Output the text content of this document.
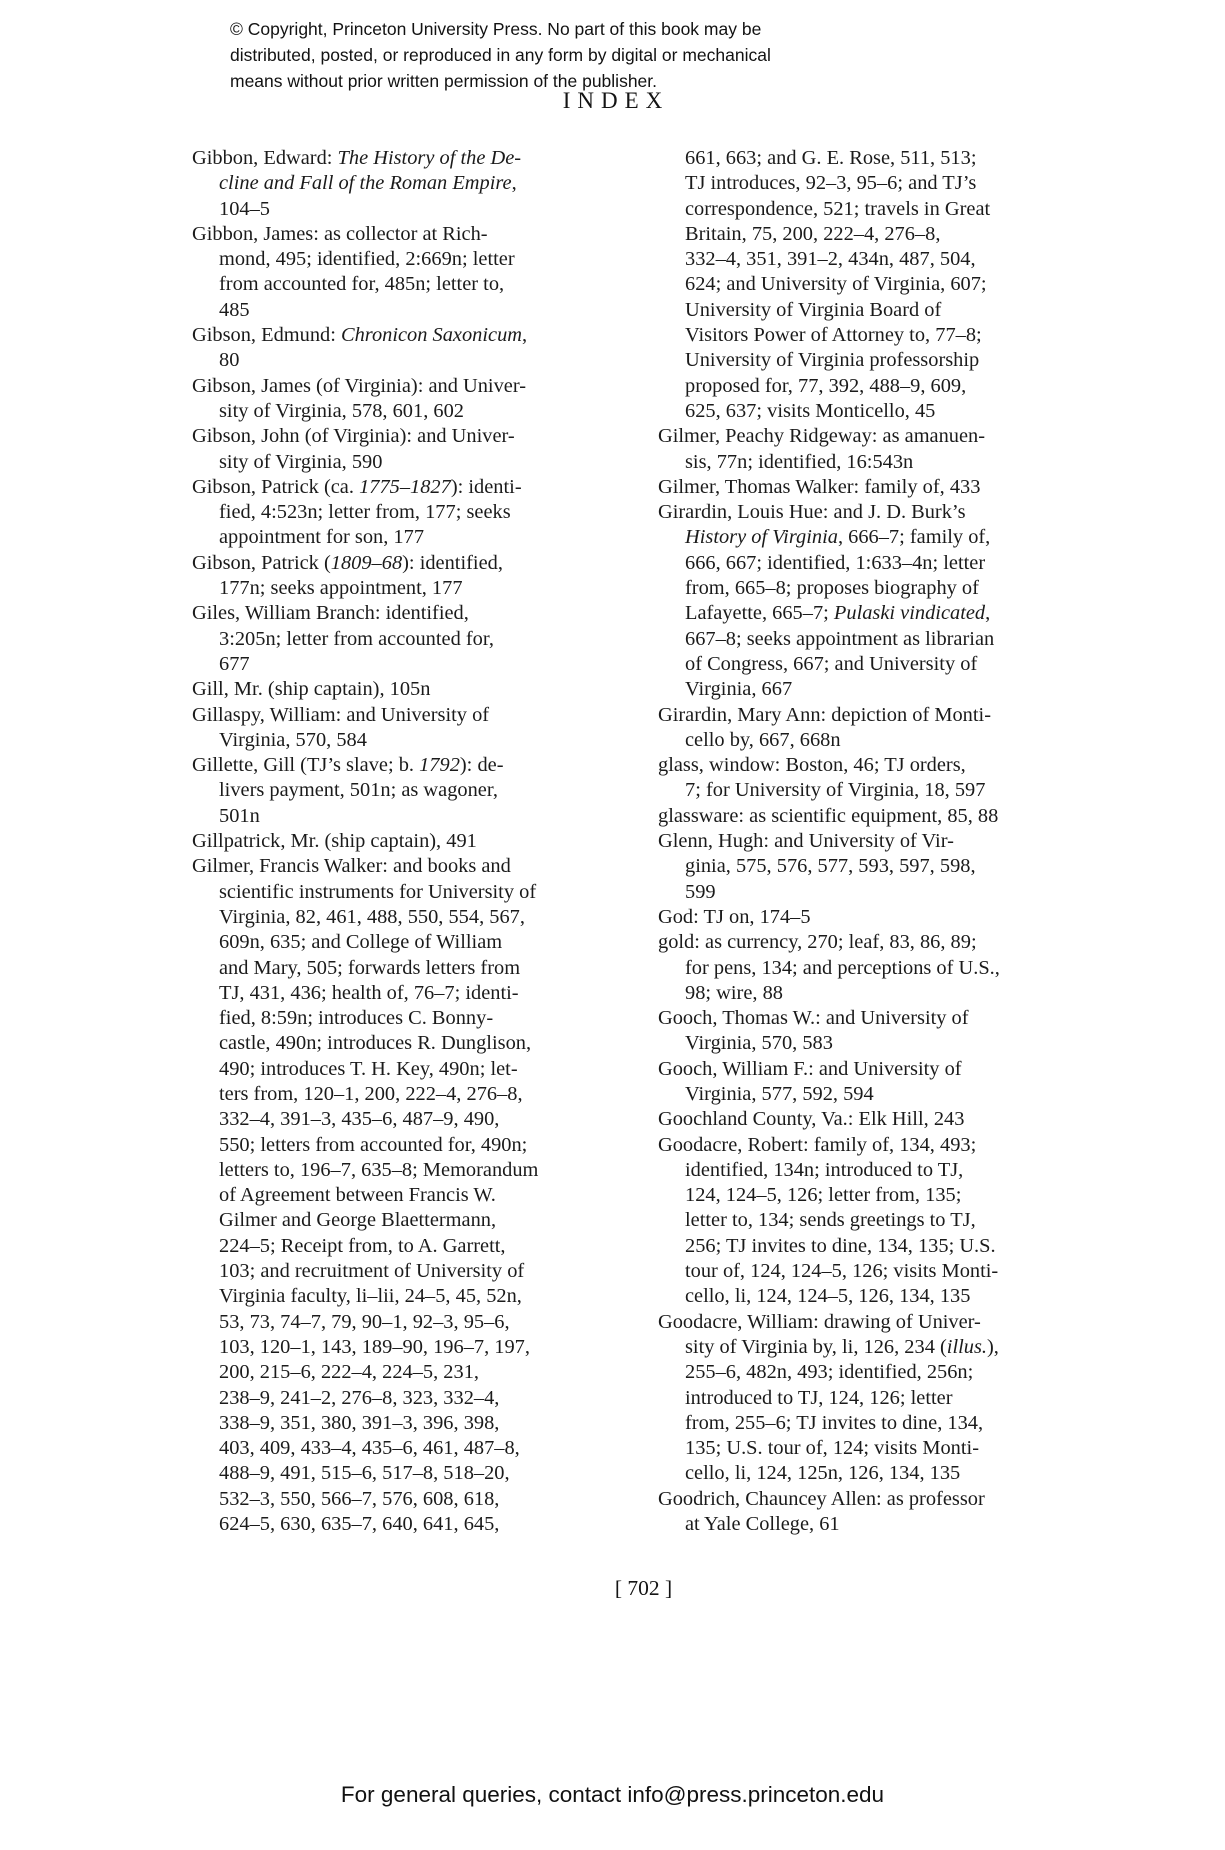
© Copyright, Princeton University Press. No part of this book may be
distributed, posted, or reproduced in any form by digital or mechanical
means without prior written permission of the publisher.
INDEX
Gibbon, Edward: The History of the De-
cline and Fall of the Roman Empire,
104–5
Gibbon, James: as collector at Rich-
mond, 495; identified, 2:669n; letter
from accounted for, 485n; letter to,
485
Gibson, Edmund: Chronicon Saxonicum,
80
Gibson, James (of Virginia): and Univer-
sity of Virginia, 578, 601, 602
Gibson, John (of Virginia): and Univer-
sity of Virginia, 590
Gibson, Patrick (ca. 1775–1827): identi-
fied, 4:523n; letter from, 177; seeks
appointment for son, 177
Gibson, Patrick (1809–68): identified,
177n; seeks appointment, 177
Giles, William Branch: identified,
3:205n; letter from accounted for,
677
Gill, Mr. (ship captain), 105n
Gillaspy, William: and University of
Virginia, 570, 584
Gillette, Gill (TJ’s slave; b. 1792): de-
livers payment, 501n; as wagoner,
501n
Gillpatrick, Mr. (ship captain), 491
Gilmer, Francis Walker: and books and
scientific instruments for University of
Virginia, 82, 461, 488, 550, 554, 567,
609n, 635; and College of William
and Mary, 505; forwards letters from
TJ, 431, 436; health of, 76–7; identi-
fied, 8:59n; introduces C. Bonny-
castle, 490n; introduces R. Dunglison,
490; introduces T. H. Key, 490n; let-
ters from, 120–1, 200, 222–4, 276–8,
332–4, 391–3, 435–6, 487–9, 490,
550; letters from accounted for, 490n;
letters to, 196–7, 635–8; Memorandum
of Agreement between Francis W.
Gilmer and George Blaettermann,
224–5; Receipt from, to A. Garrett,
103; and recruitment of University of
Virginia faculty, li–lii, 24–5, 45, 52n,
53, 73, 74–7, 79, 90–1, 92–3, 95–6,
103, 120–1, 143, 189–90, 196–7, 197,
200, 215–6, 222–4, 224–5, 231,
238–9, 241–2, 276–8, 323, 332–4,
338–9, 351, 380, 391–3, 396, 398,
403, 409, 433–4, 435–6, 461, 487–8,
488–9, 491, 515–6, 517–8, 518–20,
532–3, 550, 566–7, 576, 608, 618,
624–5, 630, 635–7, 640, 641, 645,
661, 663; and G. E. Rose, 511, 513;
TJ introduces, 92–3, 95–6; and TJ’s
correspondence, 521; travels in Great
Britain, 75, 200, 222–4, 276–8,
332–4, 351, 391–2, 434n, 487, 504,
624; and University of Virginia, 607;
University of Virginia Board of
Visitors Power of Attorney to, 77–8;
University of Virginia professorship
proposed for, 77, 392, 488–9, 609,
625, 637; visits Monticello, 45
Gilmer, Peachy Ridgeway: as amanuen-
sis, 77n; identified, 16:543n
Gilmer, Thomas Walker: family of, 433
Girardin, Louis Hue: and J. D. Burk’s
History of Virginia, 666–7; family of,
666, 667; identified, 1:633–4n; letter
from, 665–8; proposes biography of
Lafayette, 665–7; Pulaski vindicated,
667–8; seeks appointment as librarian
of Congress, 667; and University of
Virginia, 667
Girardin, Mary Ann: depiction of Monti-
cello by, 667, 668n
glass, window: Boston, 46; TJ orders,
7; for University of Virginia, 18, 597
glassware: as scientific equipment, 85, 88
Glenn, Hugh: and University of Vir-
ginia, 575, 576, 577, 593, 597, 598,
599
God: TJ on, 174–5
gold: as currency, 270; leaf, 83, 86, 89;
for pens, 134; and perceptions of U.S.,
98; wire, 88
Gooch, Thomas W.: and University of
Virginia, 570, 583
Gooch, William F.: and University of
Virginia, 577, 592, 594
Goochland County, Va.: Elk Hill, 243
Goodacre, Robert: family of, 134, 493;
identified, 134n; introduced to TJ,
124, 124–5, 126; letter from, 135;
letter to, 134; sends greetings to TJ,
256; TJ invites to dine, 134, 135; U.S.
tour of, 124, 124–5, 126; visits Monti-
cello, li, 124, 124–5, 126, 134, 135
Goodacre, William: drawing of Univer-
sity of Virginia by, li, 126, 234 (illus.),
255–6, 482n, 493; identified, 256n;
introduced to TJ, 124, 126; letter
from, 255–6; TJ invites to dine, 134,
135; U.S. tour of, 124; visits Monti-
cello, li, 124, 125n, 126, 134, 135
Goodrich, Chauncey Allen: as professor
at Yale College, 61
[ 702 ]
For general queries, contact info@press.princeton.edu
